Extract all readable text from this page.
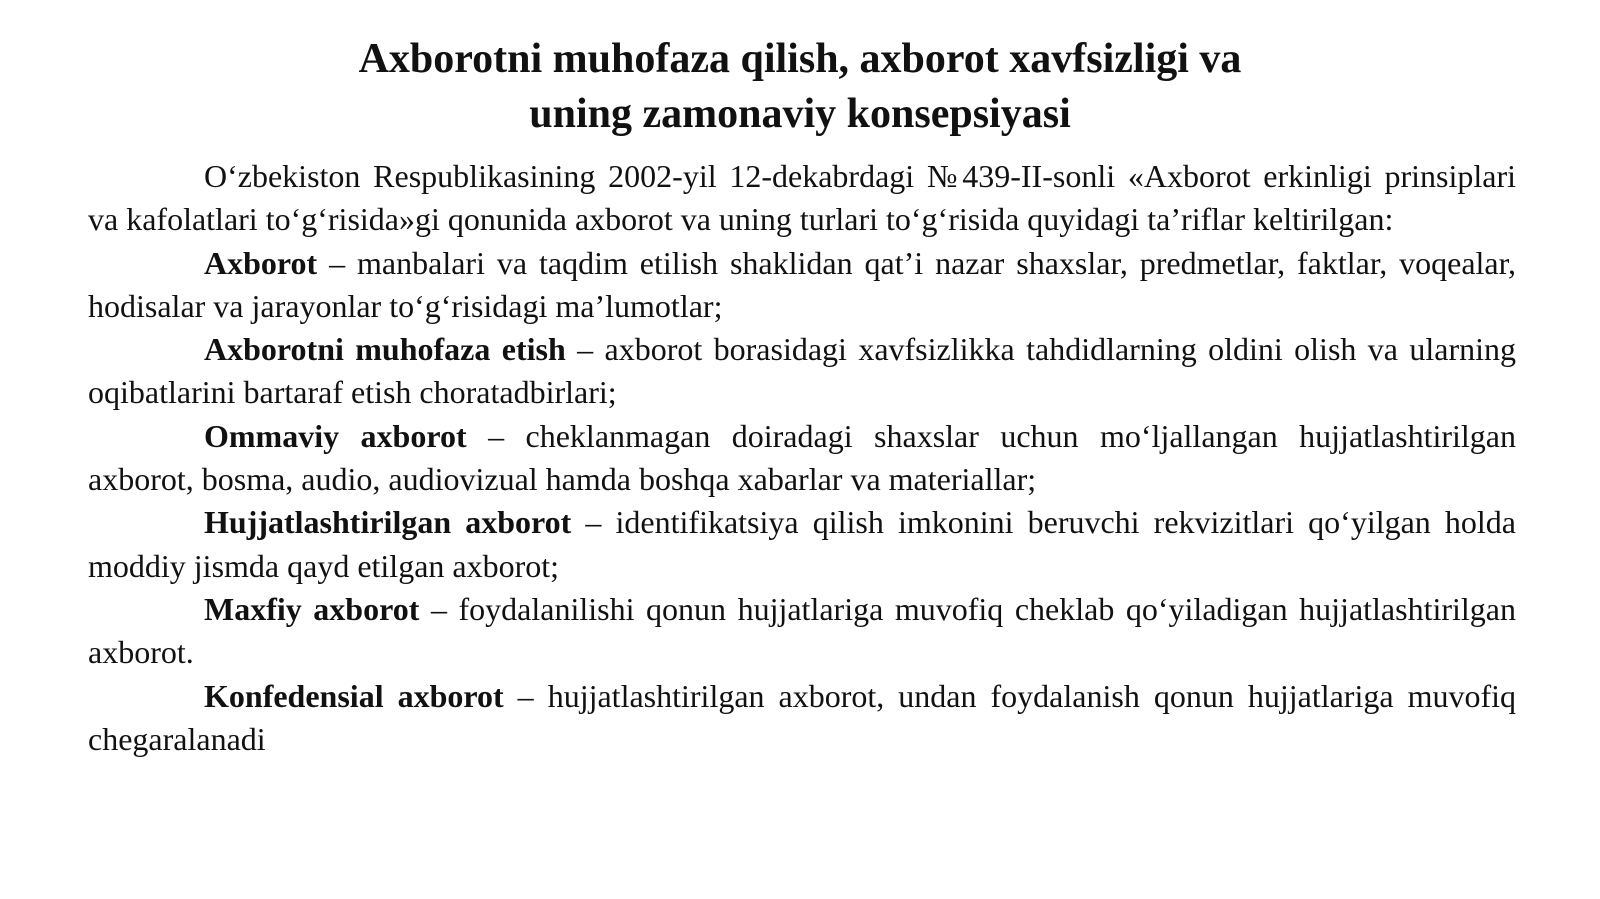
Axborotni muhofaza qilish, axborot xavfsizligi va
uning zamonaviy konsepsiyasi

O‘zbekiston Respublikasining 2002-yil 12-dekabrdagi №439-II-sonli «Axborot erkinligi prinsiplari va kafolatlari to‘g‘risida»gi qonunida axborot va uning turlari to‘g‘risida quyidagi ta’riflar keltirilgan:

Axborot – manbalari va taqdim etilish shaklidan qat’i nazar shaxslar, predmetlar, faktlar, voqealar, hodisalar va jarayonlar to‘g‘risidagi ma’lumotlar;

Axborotni muhofaza etish – axborot borasidagi xavfsizlikka tahdidlarning oldini olish va ularning oqibatlarini bartaraf etish choratadbirlari;

Ommaviy axborot – cheklanmagan doiradagi shaxslar uchun mo‘ljallangan hujjatlashtirilgan axborot, bosma, audio, audiovizual hamda boshqa xabarlar va materiallar;

Hujjatlashtirilgan axborot – identifikatsiya qilish imkonini beruvchi rekvizitlari qo‘yilgan holda moddiy jismda qayd etilgan axborot;

Maxfiy axborot – foydalanilishi qonun hujjatlariga muvofiq cheklab qo‘yiladigan hujjatlashtirilgan axborot.

Konfedensial axborot – hujjatlashtirilgan axborot, undan foydalanish qonun hujjatlariga muvofiq chegaralanadi
